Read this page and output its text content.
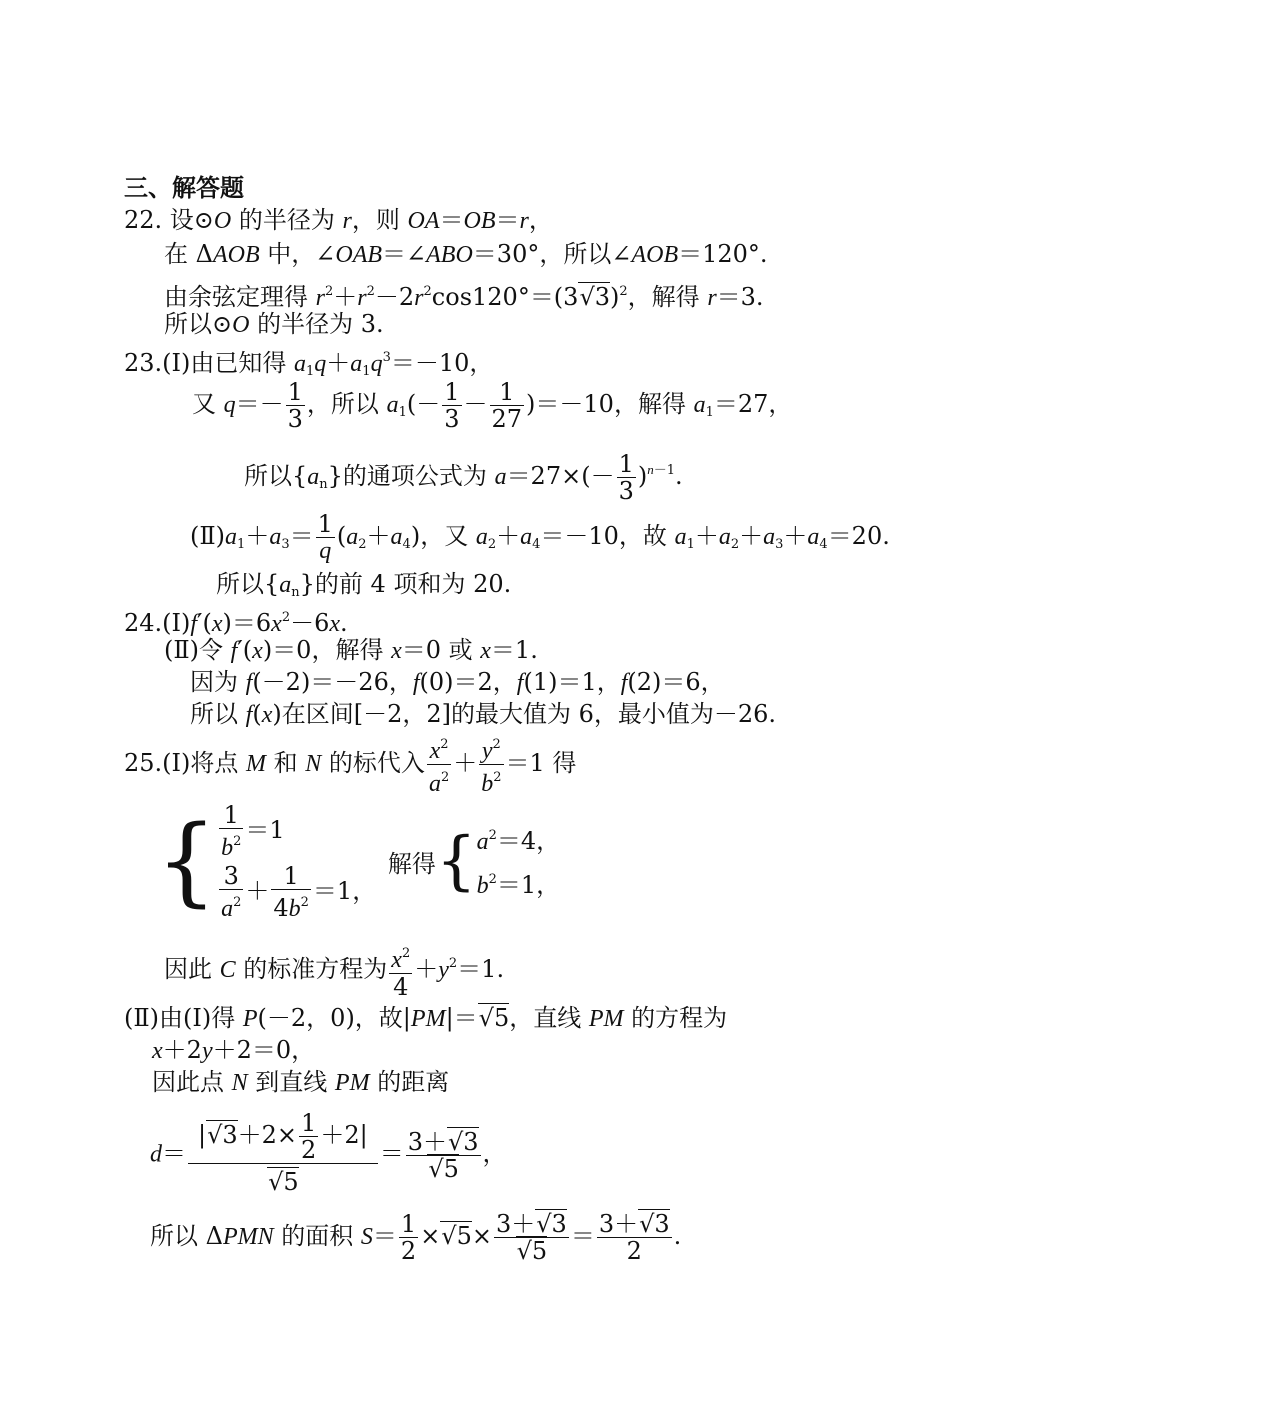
三、解答题
22. 设⊙O 的半径为 r，则 OA＝OB＝r，
在 ΔAOB 中，∠OAB＝∠ABO＝30°，所以∠AOB＝120°.
由余弦定理得 $r^2+r^2-2r^2\cos 120^\circ=(3√3)^2$，解得 r＝3.
所以⊙O 的半径为 3.
23.(Ⅰ)由已知得 $a_1q+a_1q^3=-10$，
又 $q=- \frac{1}{3}$ ，所以 $a_1(- \frac{1}{3} - \frac{1}{27} )=-10$，解得 $a_1=27$，
所以$\{a_n\}$的通项公式为 $a=27\times(- \frac{1}{3} )^{n-1}$.
$(Ⅱ)a_1+a_3= \frac{1}{q} (a_2+a_4)$，又 $a_2+a_4=-10$，故 $a_1+a_2+a_3+a_4=20$.
所以$\{a_n\}$的前 4 项和为 20.
$24.(Ⅰ)f'(x)=6x^2-6x$.
(Ⅱ)令 f′(x)＝0，解得 x＝0 或 x＝1.
因为 f(－2)＝－26，f(0)＝2，f(1)＝1，f(2)＝6，
所以 f(x)在区间[－2，2]的最大值为 6，最小值为－26.
25.(Ⅰ)将点 M 和 N 的标代入 $\frac{x^2}{a^2} + \frac{y^2}{b^2} =1$ 得
{ $\frac{1}{b^2} =1$
$\frac{3}{a^2} + \frac{1}{4b^2} =1$，
解得{ $a^2=4$，
$b^2=1$，
因此 C 的标准方程为 $\frac{x^2}{4} +y^2=1$.
(Ⅱ)由(Ⅰ)得 P(－2，0)，故|PM|＝√5，直线 PM 的方程为
x＋2y＋2＝0，
因此点 N 到直线 PM 的距离
$d= \frac{|√3+2\times \frac{1}{2} +2|}{√5} = \frac{3+√3}{√5}$ ，
所以 ΔPMN 的面积 $S= \frac{1}{2} \times√5\times \frac{3+√3}{√5} = \frac{3+√3}{2}$ .
